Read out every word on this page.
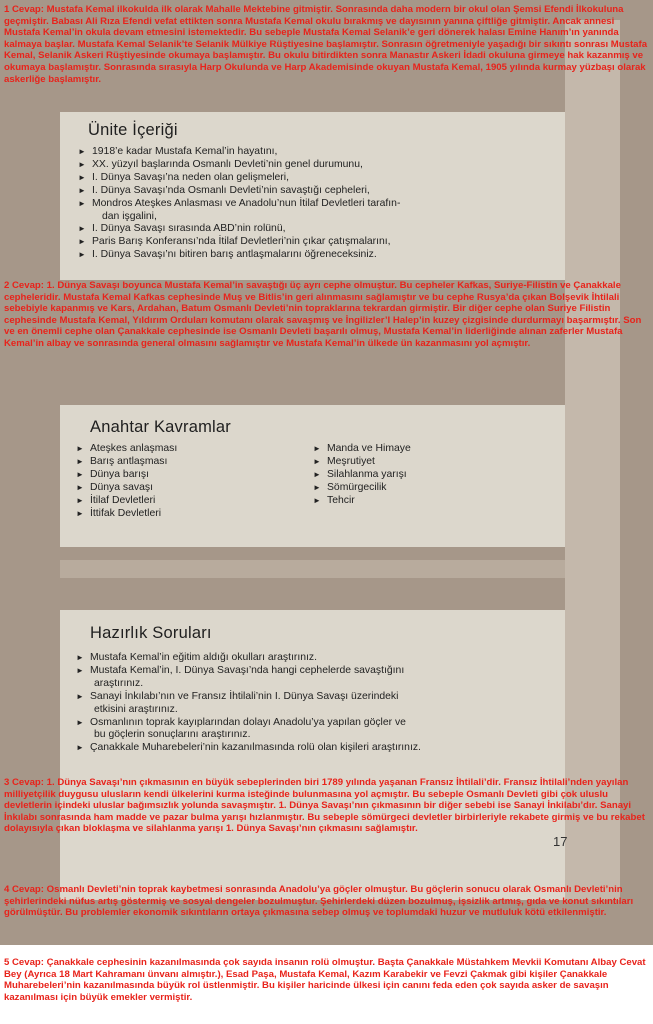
1 Cevap: Mustafa Kemal ilkokulda ilk olarak Mahalle Mektebine gitmiştir. Sonrasında daha modern bir okul olan Şemsi Efendi İlkokuluna geçmiştir. Babası Ali Rıza Efendi vefat ettikten sonra Mustafa Kemal okulu bırakmış ve dayısının yanına çiftliğe gitmiştir. Ancak annesi Mustafa Kemal’in okula devam etmesini istemektedir. Bu sebeple Mustafa Kemal Selanik’e geri dönerek halası Emine Hanım’ın yanında kalmaya başlar. Mustafa Kemal Selanik’te Selanik Mülkiye Rüştiyesine başlamıştır. Sonrasın öğretmeniyle yaşadığı bir sıkıntı sonrası Mustafa Kemal, Selanik Askeri Rüştiyesinde okumaya başlamıştır. Bu okulu bitirdikten sonra Manastır Askeri İdadi okuluna girmeye hak kazanmış ve okumaya başlamıştır. Sonrasında sırasıyla Harp Okulunda ve Harp Akademisinde okuyan Mustafa Kemal, 1905 yılında kurmay yüzbaşı olarak askerliğe başlamıştır.
Ünite İçeriği
► 1918’e kadar Mustafa Kemal’in hayatını,
► XX. yüzyıl başlarında Osmanlı Devleti’nin genel durumunu,
► I. Dünya Savaşı’na neden olan gelişmeleri,
► I. Dünya Savaşı’nda Osmanlı Devleti’nin savaştığı cepheleri,
► Mondros Ateşkes Anlasması ve Anadolu’nun İtilaf Devletleri tarafın-
dan işgalini,
► I. Dünya Savaşı sırasında ABD’nin rolünü,
► Paris Barış Konferansı’nda İtilaf Devletleri’nin çıkar çatışmalarını,
► I. Dünya Savaşı’nı bitiren barış antlaşmalarını öğreneceksiniz.
2 Cevap: 1. Dünya Savaşı boyunca Mustafa Kemal’in savaştığı üç ayrı cephe olmuştur. Bu cepheler Kafkas, Suriye-Filistin ve Çanakkale cepheleridir. Mustafa Kemal Kafkas cephesinde Muş ve Bitlis’in geri alınmasını sağlamıştır ve bu cephe Rusya’da çıkan Bolşevik İhtilali sebebiyle kapanmış ve Kars, Ardahan, Batum Osmanlı Devleti’nin topraklarına tekrardan girmiştir. Bir diğer cephe olan Suriye Filistin cephesinde Mustafa Kemal, Yıldırım Orduları komutanı olarak savaşmış ve İngilizler’I Halep’in kuzey çizgisinde durdurmayı başarmıştır. Son ve en önemli cephe olan Çanakkale cephesinde ise Osmanlı Devleti başarılı olmuş, Mustafa Kemal’in liderliğinde alınan zaferler Mustafa Kemal’in albay ve sonrasında general olmasını sağlamıştır ve Mustafa Kemal’in ülkede ün kazanmasını yol açmıştır.
Anahtar Kavramlar
► Ateşkes anlaşması
► Barış antlaşması
► Dünya barışı
► Dünya savaşı
► İtilaf Devletleri
► İttifak Devletleri
► Manda ve Himaye
► Meşrutiyet
► Silahlanma yarışı
► Sömürgecilik
► Tehcir
Hazırlık Soruları
► Mustafa Kemal’in eğitim aldığı okulları araştırınız.
► Mustafa Kemal’in, I. Dünya Savaşı’nda hangi cephelerde savaştığını
araştırınız.
► Sanayi İnkılabı’nın ve Fransız İhtilali’nin I. Dünya Savaşı üzerindeki
etkisini araştırınız.
► Osmanlının toprak kayıplarından dolayı Anadolu’ya yapılan göçler ve
bu göçlerin sonuçlarını araştırınız.
► Çanakkale Muharebeleri’nin kazanılmasında rolü olan kişileri araştırınız.
3 Cevap: 1. Dünya Savaşı’nın çıkmasının en büyük sebeplerinden biri 1789 yılında yaşanan Fransız İhtilali’dir. Fransız İhtilali’nden yayılan milliyetçilik duygusu ulusların kendi ülkelerini kurma isteğinde bulunmasına yol açmıştır. Bu sebeple Osmanlı Devleti gibi çok uluslu devletlerin içindeki uluslar bağımsızlık yolunda savaşmıştır. 1. Dünya Savaşı’nın çıkmasının bir diğer sebebi ise Sanayi İnkilabı’dır. Sanayi İnkılabı sonrasında ham madde ve pazar bulma yarışı hızlanmıştır. Bu sebeple sömürgeci devletler birbirleriyle rekabete girmiş ve bu rekabet dolayısıyla çıkan bloklaşma ve silahlanma yarışı 1. Dünya Savaşı’nın çıkmasını sağlamıştır.
17
4 Cevap: Osmanlı Devleti’nin toprak kaybetmesi sonrasında Anadolu’ya göçler olmuştur. Bu göçlerin sonucu olarak Osmanlı Devleti’nin şehirlerindeki nüfus artış göstermiş ve sosyal dengeler bozulmuştur. Şehirlerdeki düzen bozulmuş, işsizlik artmış, gıda ve konut sıkıntıları görülmüştür. Bu problemler ekonomik sıkıntıların ortaya çıkmasına sebep olmuş ve toplumdaki huzur ve mutluluk kötü etkilenmiştir.
5 Cevap: Çanakkale cephesinin kazanılmasında çok sayıda insanın rolü olmuştur. Başta Çanakkale Müstahkem Mevkii Komutanı Albay Cevat Bey (Ayrıca 18 Mart Kahramanı ünvanı almıştır.), Esad Paşa, Mustafa Kemal, Kazım Karabekir ve Fevzi Çakmak gibi kişiler Çanakkale Muharebeleri’nin kazanılmasında büyük rol üstlenmiştir. Bu kişiler haricinde ülkesi için canını feda eden çok sayıda asker de savaşın kazanılması için büyük emekler vermiştir.
